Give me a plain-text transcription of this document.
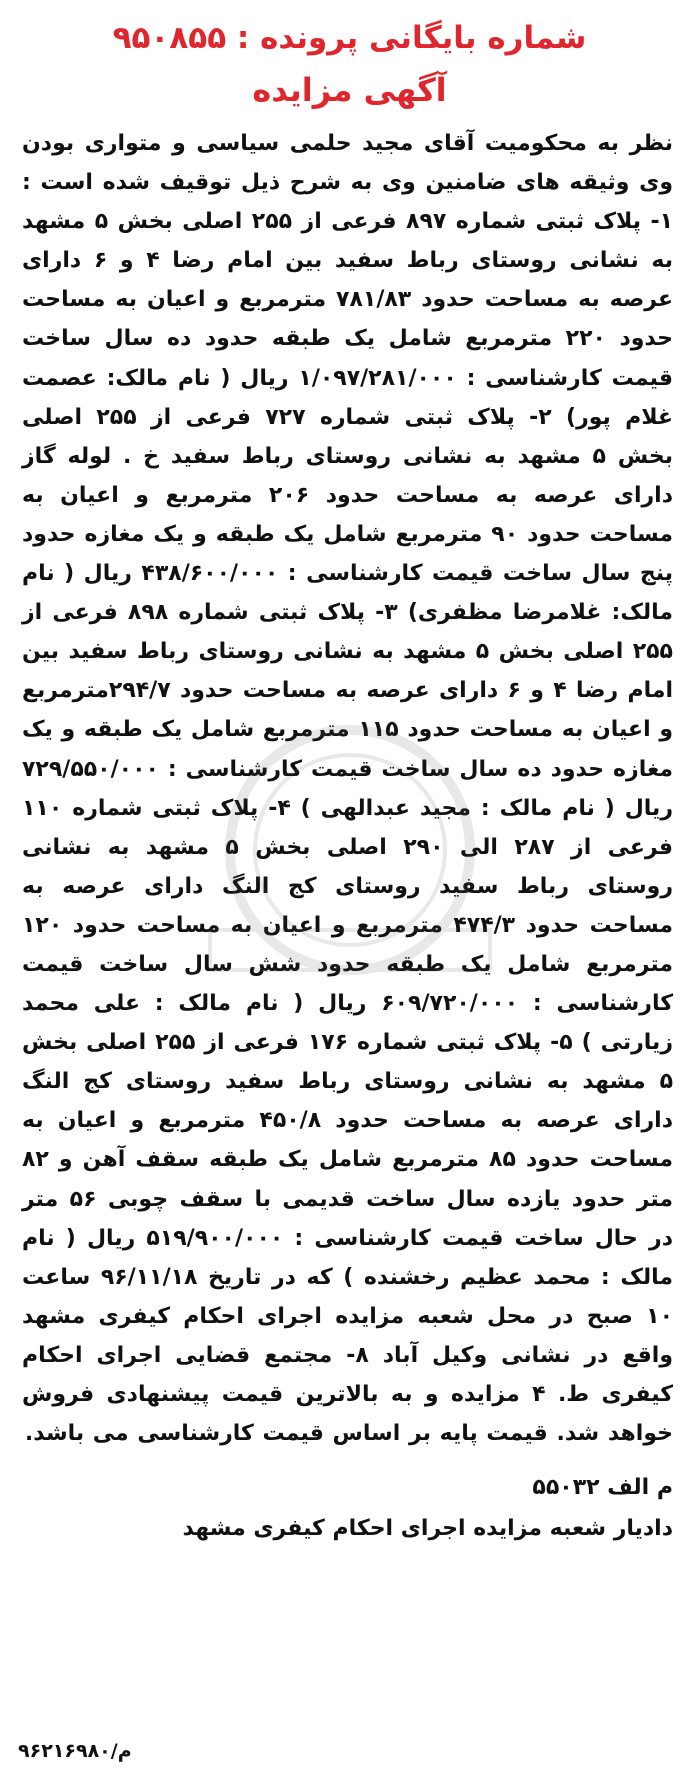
شماره بایگانی پرونده : ۹۵۰۸۵۵
آگهی مزایده

نظر به محکومیت آقای مجید حلمی سیاسی و متواری بودن وی وثیقه های ضامنین وی به شرح ذیل توقیف شده است : ۱- پلاک ثبتی شماره ۸۹۷ فرعی از ۲۵۵ اصلی بخش ۵ مشهد به نشانی روستای رباط سفید بین امام رضا ۴ و ۶ دارای عرصه به مساحت حدود ۷۸۱/۸۳ مترمربع و اعیان به مساحت حدود ۲۲۰ مترمربع شامل یک طبقه حدود ده سال ساخت قیمت کارشناسی : ۱/۰۹۷/۲۸۱/۰۰۰ ریال ( نام مالک: عصمت غلام پور) ۲- پلاک ثبتی شماره ۷۲۷ فرعی از ۲۵۵ اصلی بخش ۵ مشهد به نشانی روستای رباط سفید خ . لوله گاز دارای عرصه به مساحت حدود ۲۰۶ مترمربع و اعیان به مساحت حدود ۹۰ مترمربع شامل یک طبقه و یک مغازه حدود پنج سال ساخت قیمت کارشناسی : ۴۳۸/۶۰۰/۰۰۰ ریال ( نام مالک: غلامرضا مظفری) ۳- پلاک ثبتی شماره ۸۹۸ فرعی از ۲۵۵ اصلی بخش ۵ مشهد به نشانی روستای رباط سفید بین امام رضا ۴ و ۶ دارای عرصه به مساحت حدود ۲۹۴/۷مترمربع و اعیان به مساحت حدود ۱۱۵ مترمربع شامل یک طبقه و یک مغازه حدود ده سال ساخت قیمت کارشناسی : ۷۲۹/۵۵۰/۰۰۰ ریال ( نام مالک : مجید عبدالهی ) ۴- پلاک ثبتی شماره ۱۱۰ فرعی از ۲۸۷ الی ۲۹۰ اصلی بخش ۵ مشهد به نشانی روستای رباط سفید روستای کج النگ دارای عرصه به مساحت حدود ۴۷۴/۳ مترمربع و اعیان به مساحت حدود ۱۲۰ مترمربع شامل یک طبقه حدود شش سال ساخت قیمت کارشناسی : ۶۰۹/۷۲۰/۰۰۰ ریال ( نام مالک : علی محمد زیارتی ) ۵- پلاک ثبتی شماره ۱۷۶ فرعی از ۲۵۵ اصلی بخش ۵ مشهد به نشانی روستای رباط سفید روستای کج النگ دارای عرصه به مساحت حدود ۴۵۰/۸ مترمربع و اعیان به مساحت حدود ۸۵ مترمربع شامل یک طبقه سقف آهن و ۸۲ متر حدود یازده سال ساخت قدیمی با سقف چوبی ۵۶ متر در حال ساخت قیمت کارشناسی : ۵۱۹/۹۰۰/۰۰۰ ریال ( نام مالک : محمد عظیم رخشنده ) که در تاریخ ۹۶/۱۱/۱۸ ساعت ۱۰ صبح در محل شعبه مزایده اجرای احکام کیفری مشهد واقع در نشانی وکیل آباد ۸- مجتمع قضایی اجرای احکام کیفری ط. ۴ مزایده و به بالاترین قیمت پیشنهادی فروش خواهد شد. قیمت پایه بر اساس قیمت کارشناسی می باشد.

م الف ۵۵۰۳۲
دادیار شعبه مزایده اجرای احکام کیفری مشهد
م/۹۶۲۱۶۹۸۰
